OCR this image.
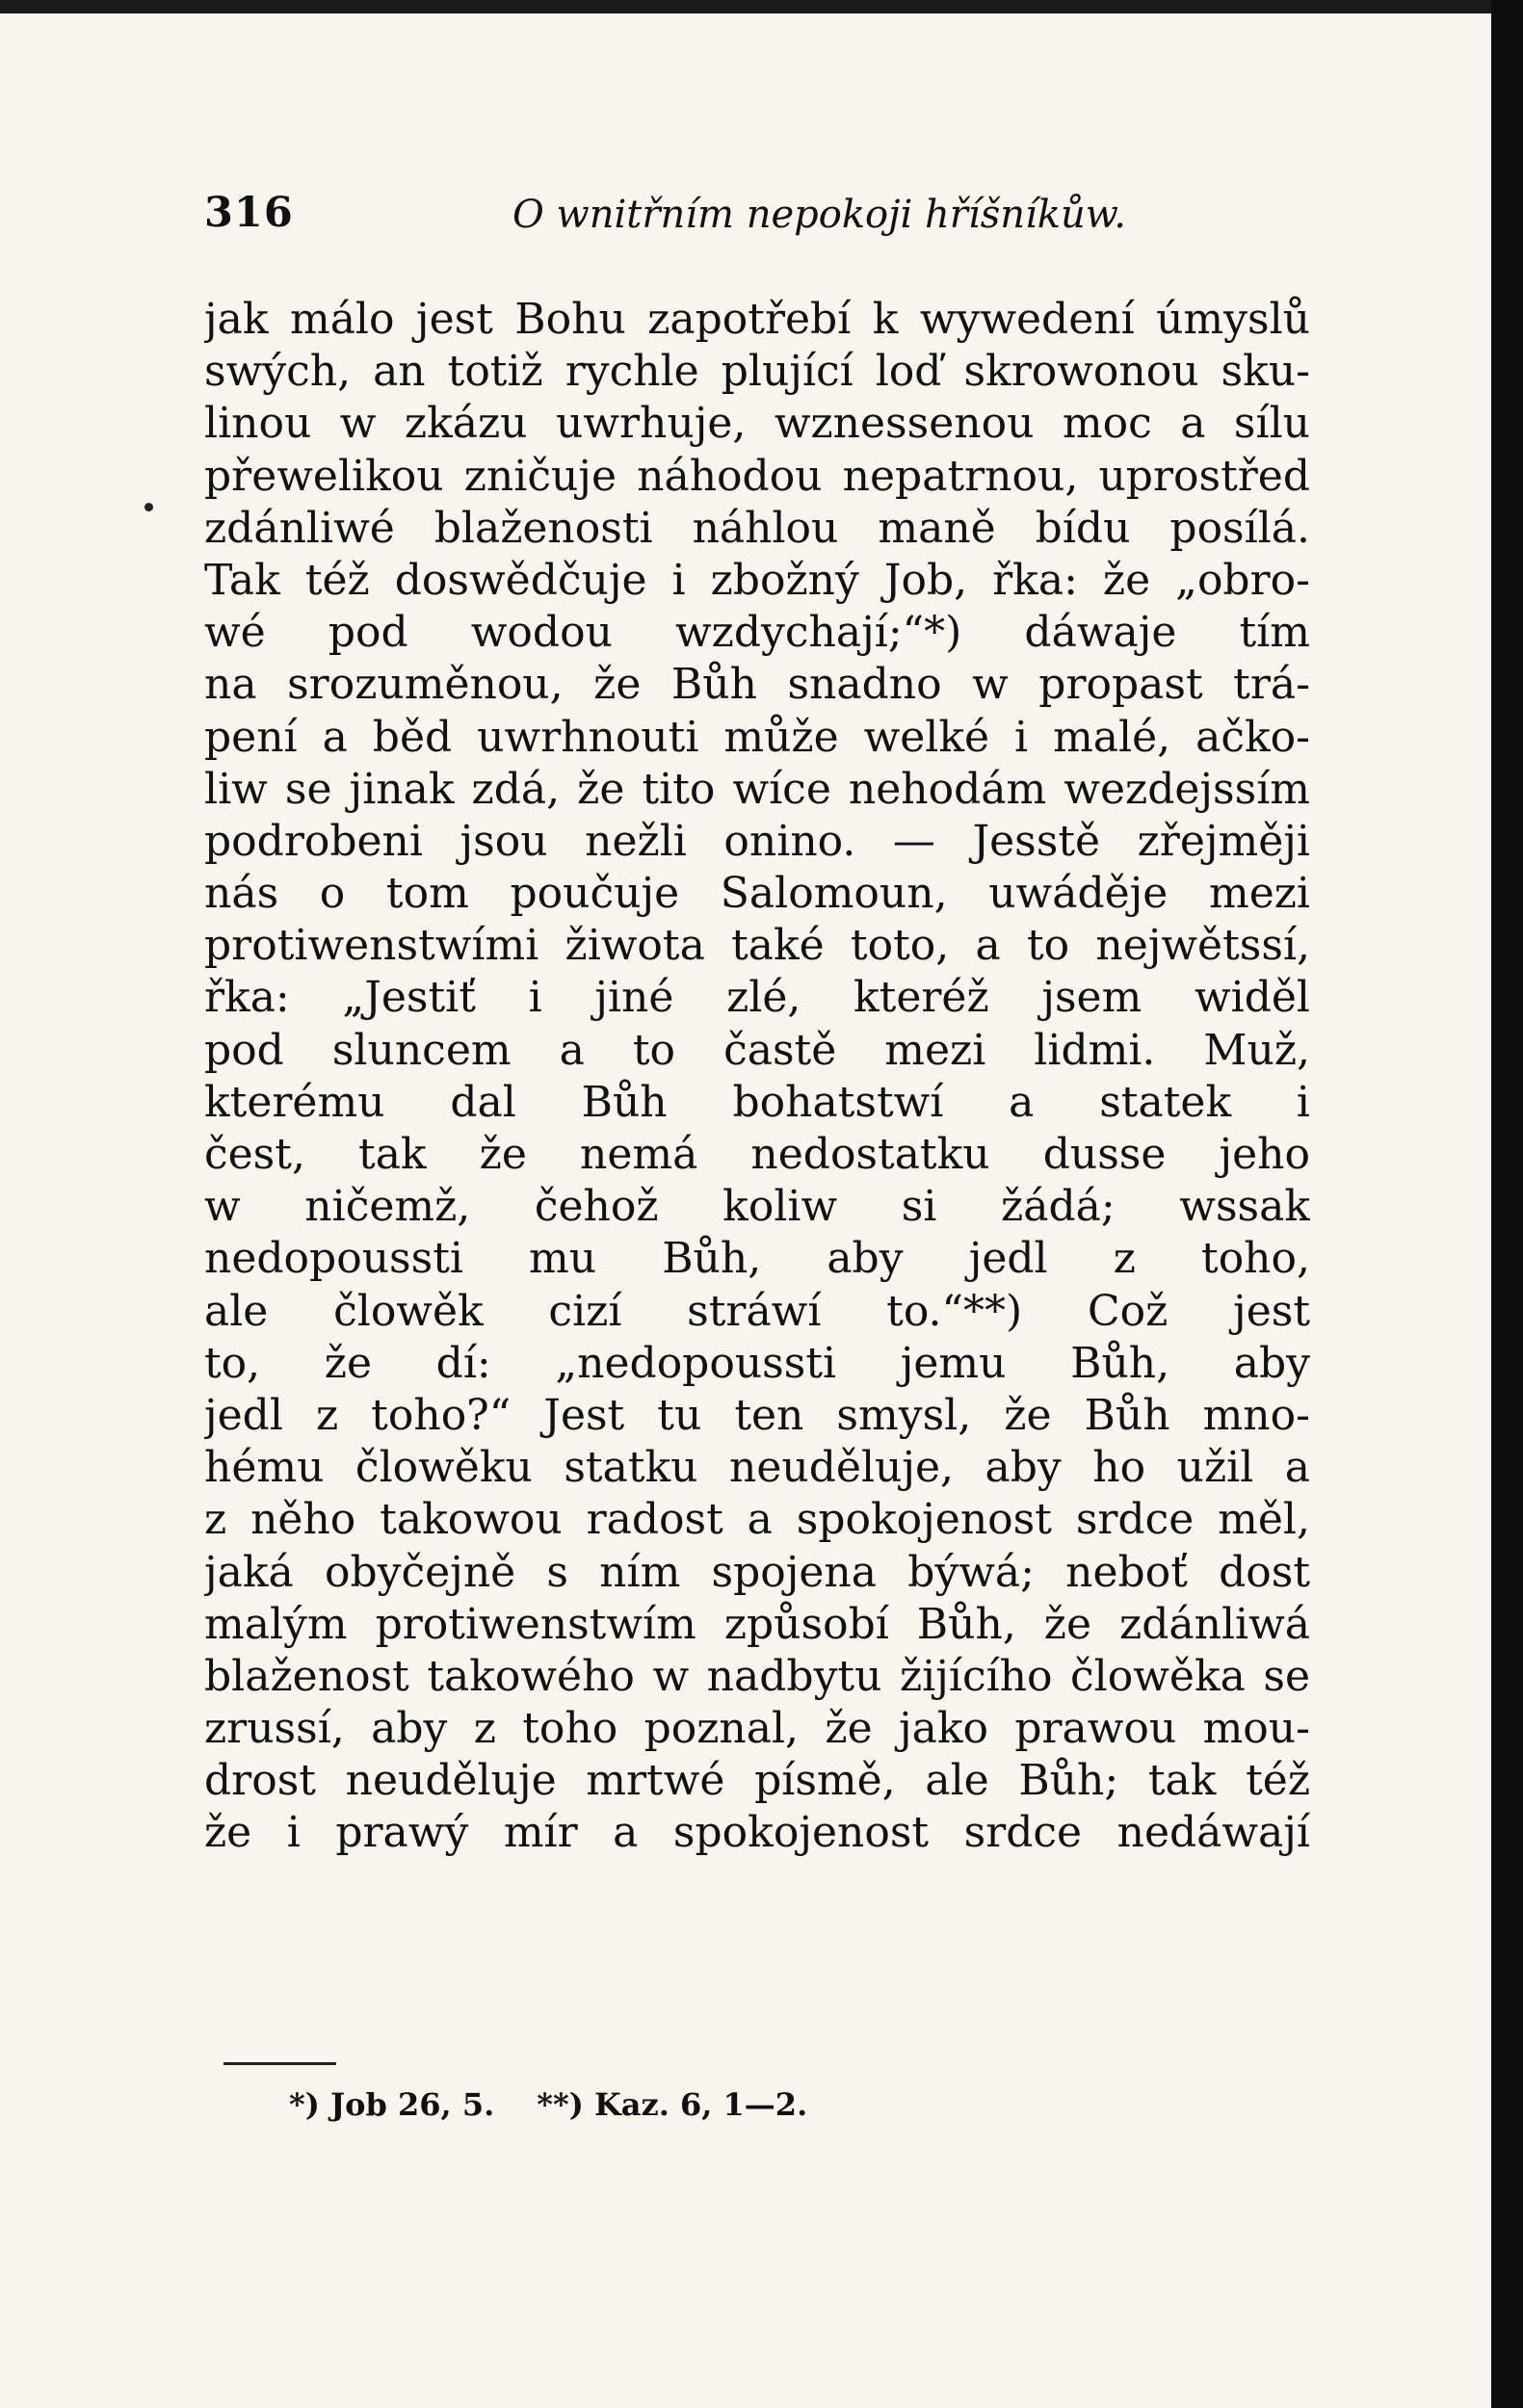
316	O wnitřním nepokoji hříšníkůw.
jak málo jest Bohu zapotřebí k wywedení úmyslů
swých, an totiž rychle plující loď skrowonou sku-
linou w zkázu uwrhuje, wznessenou moc a sílu
přewelikou zničuje náhodou nepatrnou, uprostřed
zdánliwé blaženosti náhlou maně bídu posílá.
Tak též doswědčuje i zbožný Job, řka: že „obro-
wé pod wodou wzdychají;“*) dáwaje tím
na srozuměnou, že Bůh snadno w propast trá-
pení a běd uwrhnouti může welké i malé, ačko-
liw se jinak zdá, že tito wíce nehodám wezdejssím
podrobeni jsou nežli onino. — Jesstě zřejměji
nás o tom poučuje Salomoun, uwáděje mezi
protiwenstwími žiwota také toto, a to nejwětssí,
řka: „Jestiť i jiné zlé, kteréž jsem widěl
pod sluncem a to častě mezi lidmi. Muž,
kterému dal Bůh bohatstwí a statek i
čest, tak že nemá nedostatku dusse jeho
w ničemž, čehož koliw si žádá; wssak
nedopoussti mu Bůh, aby jedl z toho,
ale člowěk cizí stráwí to.“**) Což jest
to, že dí: „nedopoussti jemu Bůh, aby
jedl z toho?“ Jest tu ten smysl, že Bůh mno-
hému člowěku statku neuděluje, aby ho užil a
z něho takowou radost a spokojenost srdce měl,
jaká obyčejně s ním spojena býwá; neboť dost
malým protiwenstwím způsobí Bůh, že zdánliwá
blaženost takowého w nadbytu žijícího člowěka se
zrussí, aby z toho poznal, že jako prawou mou-
drost neuděluje mrtwé písmě, ale Bůh; tak též
že i prawý mír a spokojenost srdce nedáwají
*) Job 26, 5. **) Kaz. 6, 1—2.
